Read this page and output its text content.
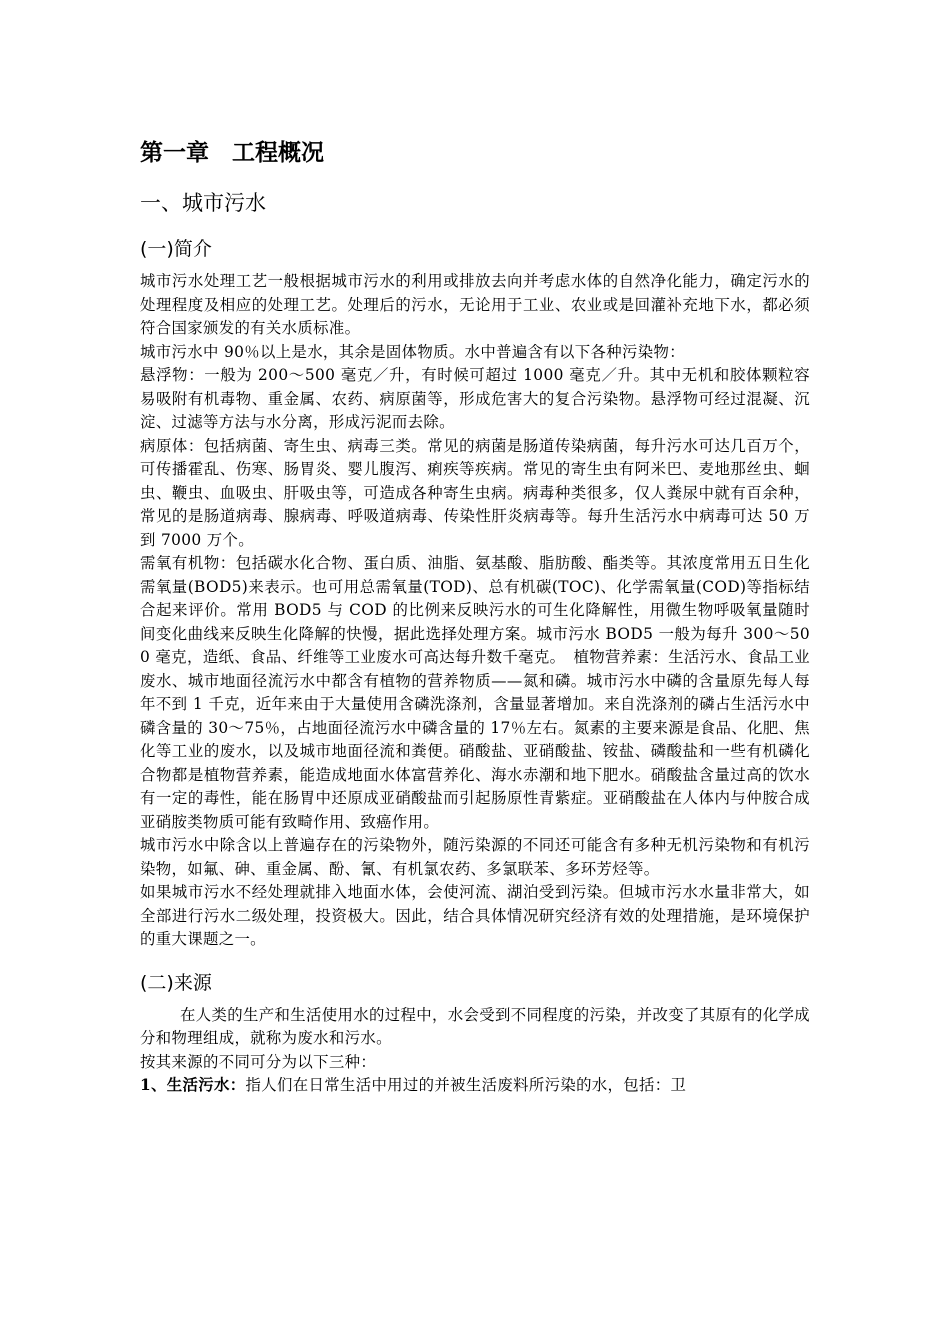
第一章　工程概况
一、城市污水
(一)简介

城市污水处理工艺一般根据城市污水的利用或排放去向并考虑水体的自然净化能力，确定污水的处理程度及相应的处理工艺。处理后的污水，无论用于工业、农业或是回灌补充地下水，都必须符合国家颁发的有关水质标准。

城市污水中 90％以上是水，其余是固体物质。水中普遍含有以下各种污染物：

悬浮物：一般为 200～500 毫克／升，有时候可超过 1000 毫克／升。其中无机和胶体颗粒容易吸附有机毒物、重金属、农药、病原菌等，形成危害大的复合污染物。悬浮物可经过混凝、沉淀、过滤等方法与水分离，形成污泥而去除。

病原体：包括病菌、寄生虫、病毒三类。常见的病菌是肠道传染病菌，每升污水可达几百万个，可传播霍乱、伤寒、肠胃炎、婴儿腹泻、痢疾等疾病。常见的寄生虫有阿米巴、麦地那丝虫、蛔虫、鞭虫、血吸虫、肝吸虫等，可造成各种寄生虫病。病毒种类很多，仅人粪尿中就有百余种，常见的是肠道病毒、腺病毒、呼吸道病毒、传染性肝炎病毒等。每升生活污水中病毒可达 50 万到 7000 万个。

需氧有机物：包括碳水化合物、蛋白质、油脂、氨基酸、脂肪酸、酯类等。其浓度常用五日生化需氧量(BOD5)来表示。也可用总需氧量(TOD)、总有机碳(TOC)、化学需氧量(COD)等指标结合起来评价。常用 BOD5 与 COD 的比例来反映污水的可生化降解性，用微生物呼吸氧量随时间变化曲线来反映生化降解的快慢，据此选择处理方案。城市污水 BOD5 一般为每升 300～500 毫克，造纸、食品、纤维等工业废水可高达每升数千毫克。　植物营养素：生活污水、食品工业废水、城市地面径流污水中都含有植物的营养物质——氮和磷。城市污水中磷的含量原先每人每年不到 1 千克，近年来由于大量使用含磷洗涤剂，含量显著增加。来自洗涤剂的磷占生活污水中磷含量的 30～75％，占地面径流污水中磷含量的 17％左右。氮素的主要来源是食品、化肥、焦化等工业的废水，以及城市地面径流和粪便。硝酸盐、亚硝酸盐、铵盐、磷酸盐和一些有机磷化合物都是植物营养素，能造成地面水体富营养化、海水赤潮和地下肥水。硝酸盐含量过高的饮水有一定的毒性，能在肠胃中还原成亚硝酸盐而引起肠原性青紫症。亚硝酸盐在人体内与仲胺合成亚硝胺类物质可能有致畸作用、致癌作用。

城市污水中除含以上普遍存在的污染物外，随污染源的不同还可能含有多种无机污染物和有机污染物，如氟、砷、重金属、酚、氰、有机氯农药、多氯联苯、多环芳烃等。

如果城市污水不经处理就排入地面水体，会使河流、湖泊受到污染。但城市污水水量非常大，如全部进行污水二级处理，投资极大。因此，结合具体情况研究经济有效的处理措施，是环境保护的重大课题之一。

(二)来源

在人类的生产和生活使用水的过程中，水会受到不同程度的污染，并改变了其原有的化学成分和物理组成，就称为废水和污水。

按其来源的不同可分为以下三种：

1、生活污水：指人们在日常生活中用过的并被生活废料所污染的水，包括：卫
